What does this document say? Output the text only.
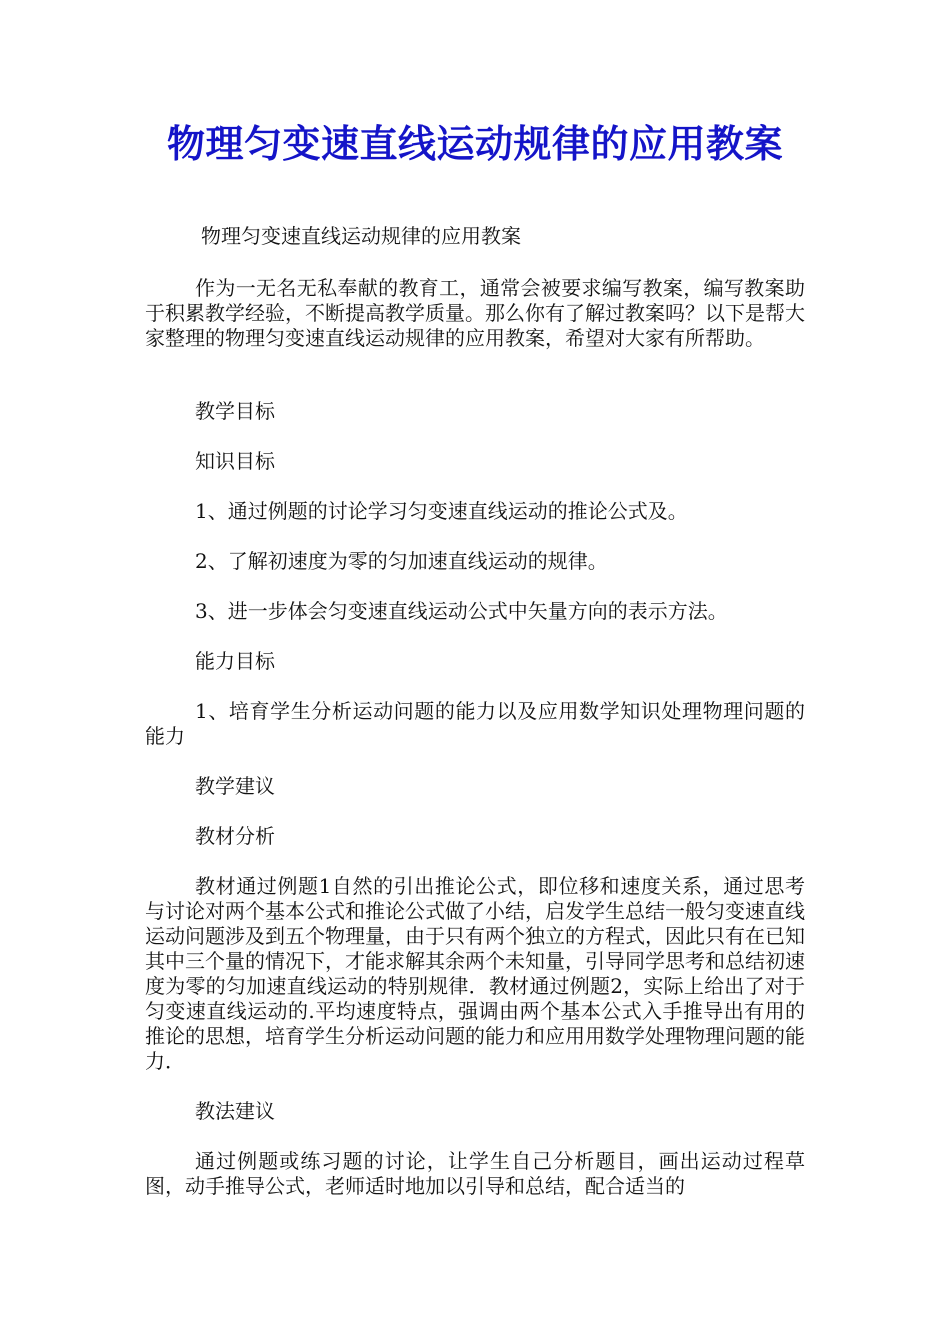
物理匀变速直线运动规律的应用教案
物理匀变速直线运动规律的应用教案

作为一无名无私奉献的教育工，通常会被要求编写教案，编写教案助于积累教学经验，不断提高教学质量。那么你有了解过教案吗？以下是帮大家整理的物理匀变速直线运动规律的应用教案，希望对大家有所帮助。

教学目标

知识目标

1、通过例题的讨论学习匀变速直线运动的推论公式及。

2、了解初速度为零的匀加速直线运动的规律。

3、进一步体会匀变速直线运动公式中矢量方向的表示方法。

能力目标

1、培育学生分析运动问题的能力以及应用数学知识处理物理问题的能力

教学建议

教材分析

教材通过例题1自然的引出推论公式，即位移和速度关系，通过思考与讨论对两个基本公式和推论公式做了小结，启发学生总结一般匀变速直线运动问题涉及到五个物理量，由于只有两个独立的方程式，因此只有在已知其中三个量的情况下，才能求解其余两个未知量，引导同学思考和总结初速度为零的匀加速直线运动的特别规律．教材通过例题2，实际上给出了对于匀变速直线运动的.平均速度特点，强调由两个基本公式入手推导出有用的推论的思想，培育学生分析运动问题的能力和应用用数学处理物理问题的能力．

教法建议

通过例题或练习题的讨论，让学生自己分析题目，画出运动过程草图，动手推导公式，老师适时地加以引导和总结，配合适当的
